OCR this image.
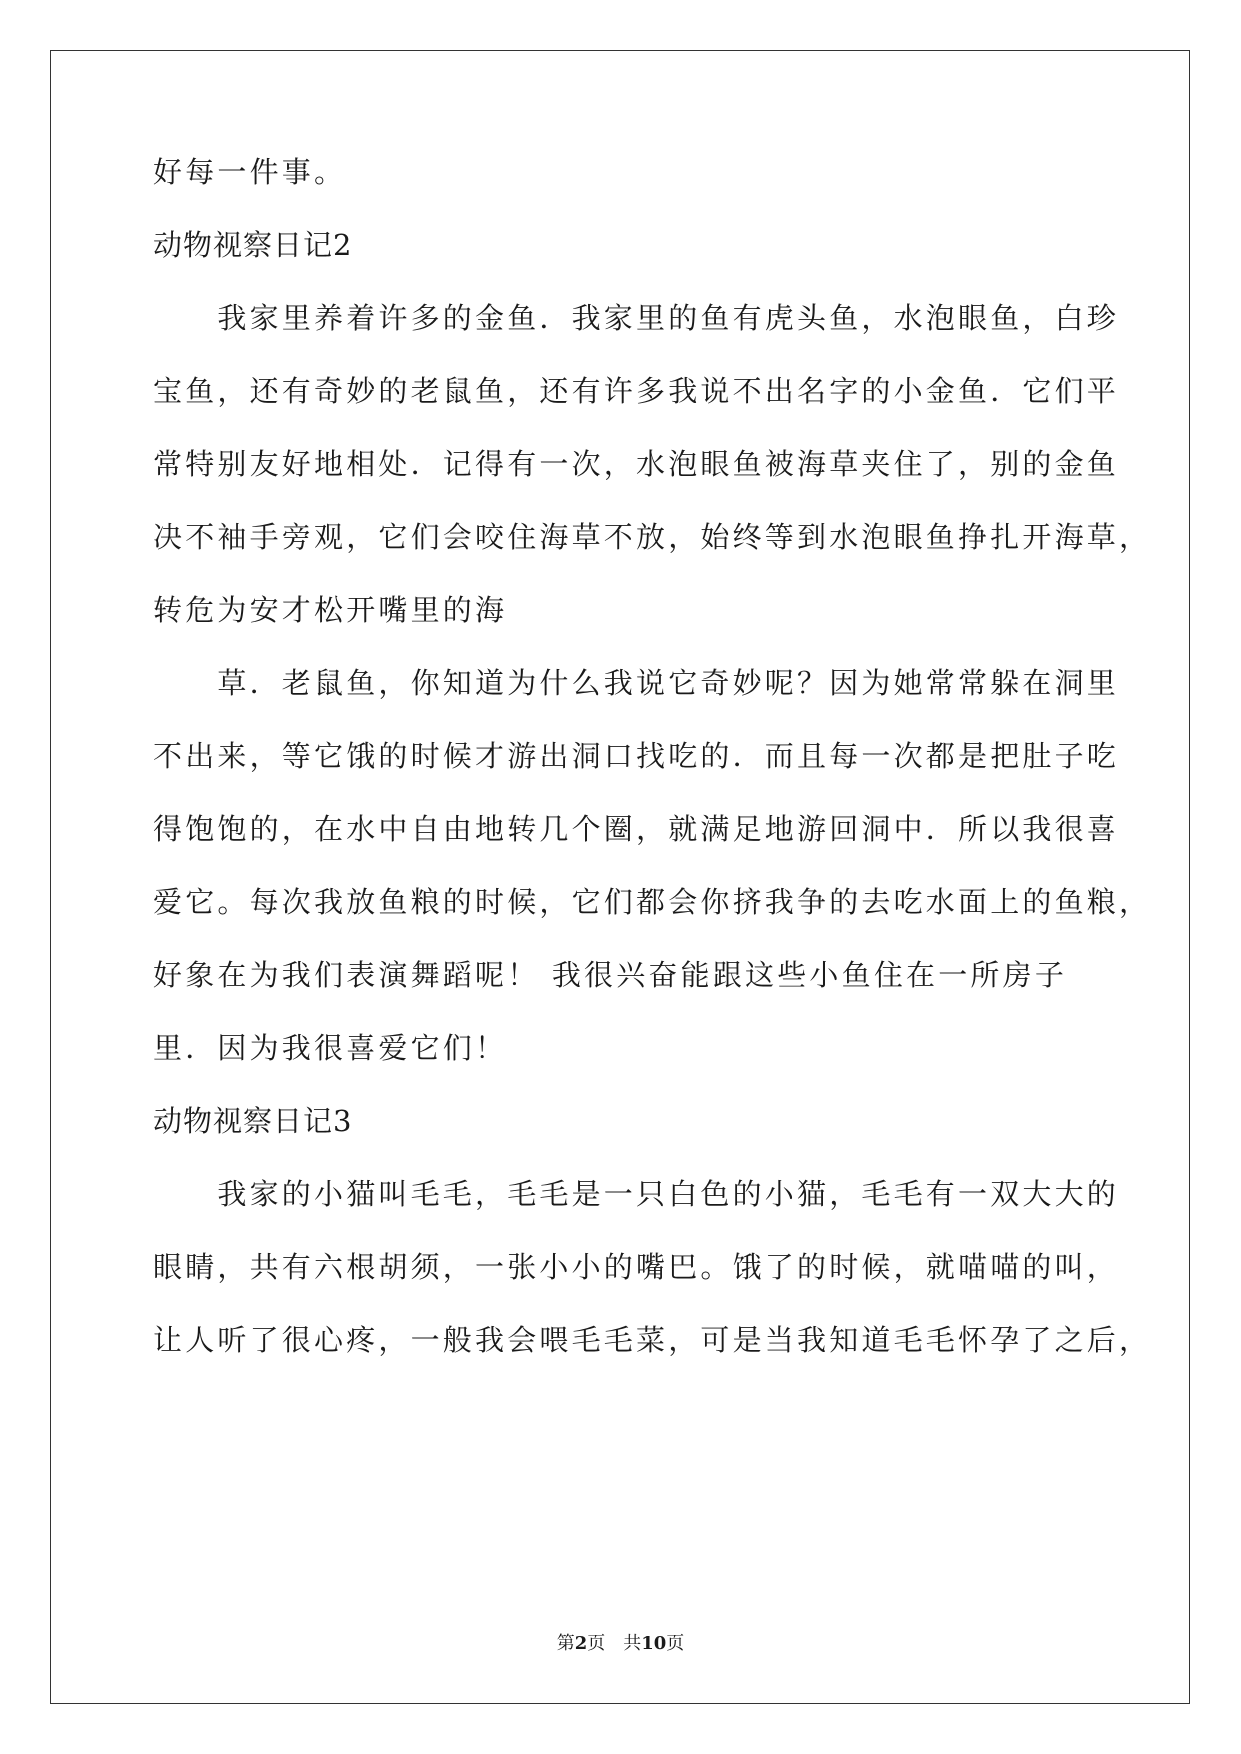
好每一件事。
动物视察日记2
　　我家里养着许多的金鱼．我家里的鱼有虎头鱼，水泡眼鱼，白珍
宝鱼，还有奇妙的老鼠鱼，还有许多我说不出名字的小金鱼．它们平
常特别友好地相处．记得有一次，水泡眼鱼被海草夹住了，别的金鱼
决不袖手旁观，它们会咬住海草不放，始终等到水泡眼鱼挣扎开海草，
转危为安才松开嘴里的海
　　草．老鼠鱼，你知道为什么我说它奇妙呢？因为她常常躲在洞里
不出来，等它饿的时候才游出洞口找吃的．而且每一次都是把肚子吃
得饱饱的，在水中自由地转几个圈，就满足地游回洞中．所以我很喜
爱它。每次我放鱼粮的时候，它们都会你挤我争的去吃水面上的鱼粮，
好象在为我们表演舞蹈呢！ 我很兴奋能跟这些小鱼住在一所房子
里．因为我很喜爱它们！
动物视察日记3
　　我家的小猫叫毛毛，毛毛是一只白色的小猫，毛毛有一双大大的
眼睛，共有六根胡须，一张小小的嘴巴。饿了的时候，就喵喵的叫，
让人听了很心疼，一般我会喂毛毛菜，可是当我知道毛毛怀孕了之后，
第2页 共10页
